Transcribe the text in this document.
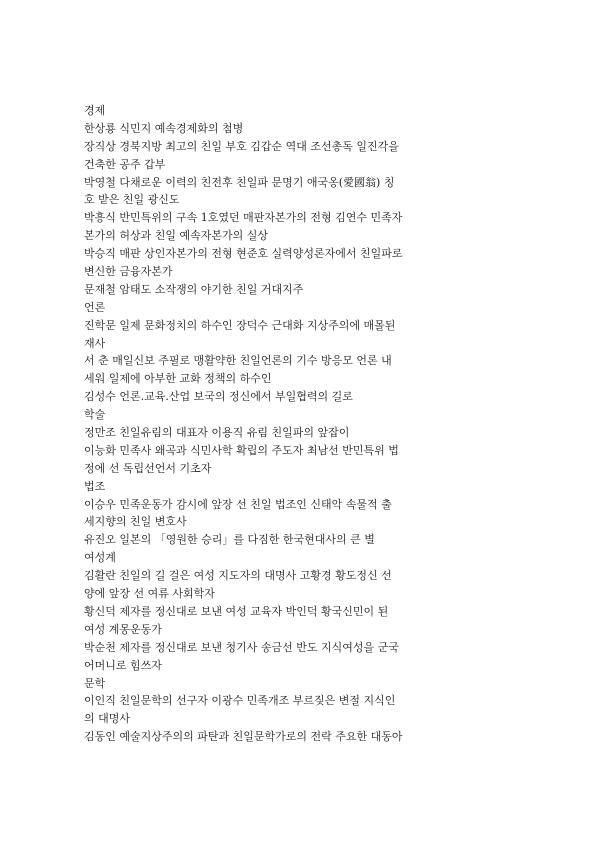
경제
한상룡 식민지 예속경제화의 첨병
장직상 경북지방 최고의 친일 부호 김갑순 역대 조선총독 일진각을
건축한 공주 갑부
박영철 다채로운 이력의 친전후 친일파 문명기 애국옹(愛國翁) 칭
호 받은 친일 광신도
박흥식 반민특위의 구속 1호였던 매판자본가의 전형 김연수 민족자
본가의 허상과 친일 예속자본가의 실상
박승직 매판 상인자본가의 전형 현준호 실력양성론자에서 친일파로
변신한 금융자본가
문재철 암태도 소작쟁의 야기한 친일 거대지주
언론
진학문 일제 문화정치의 하수인 장덕수 근대화 지상주의에 매몰된
재사
서 춘 매일신보 주필로 맹활약한 친일언론의 기수 방응모 언론 내
세워 일제에 아부한 교화 정책의 하수인
김성수 언론.교육.산업 보국의 정신에서 부일협력의 길로
학술
정만조 친일유림의 대표자 이용직 유림 친일파의 앞잡이
이능화 민족사 왜곡과 식민사학 확립의 주도자 최남선 반민특위 법
정에 선 독립선언서 기초자
법조
이승우 민족운동가 감시에 앞장 선 친일 법조인 신태악 속물적 출
세지향의 친일 변호사
유진오 일본의 「영원한 승리」를 다짐한 한국현대사의 큰 별
여성계
김활란 친일의 길 걸은 여성 지도자의 대명사 고황경 황도정신 선
양에 앞장 선 여류 사회학자
황신덕 제자를 정신대로 보낸 여성 교육자 박인덕 황국신민이 된
여성 계몽운동가
박순천 제자를 정신대로 보낸 청기사 송금선 반도 지식여성을 군국
어머니로 힘쓰자
문학
이인직 친일문학의 선구자 이광수 민족개조 부르짖은 변절 지식인
의 대명사
김동인 예술지상주의의 파탄과 친일문학가로의 전락 주요한 대동아
